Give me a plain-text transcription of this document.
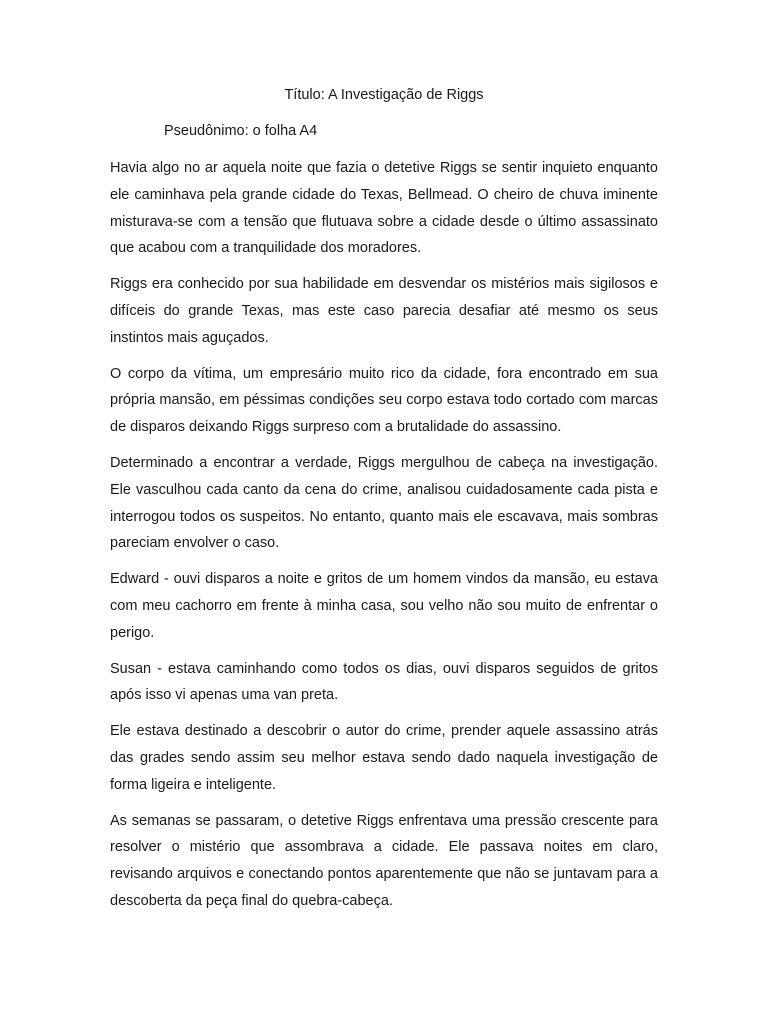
Título: A Investigação de Riggs
Pseudônimo: o folha A4

Havia algo no ar aquela noite que fazia o detetive Riggs se sentir inquieto enquanto ele caminhava pela grande cidade do Texas, Bellmead. O cheiro de chuva iminente misturava-se com a tensão que flutuava sobre a cidade desde o último assassinato que acabou com a tranquilidade dos moradores.

Riggs era conhecido por sua habilidade em desvendar os mistérios mais sigilosos e difíceis do grande Texas, mas este caso parecia desafiar até mesmo os seus instintos mais aguçados.

O corpo da vítima, um empresário muito rico da cidade, fora encontrado em sua própria mansão, em péssimas condições seu corpo estava todo cortado com marcas de disparos deixando Riggs surpreso com a brutalidade do assassino.

Determinado a encontrar a verdade, Riggs mergulhou de cabeça na investigação. Ele vasculhou cada canto da cena do crime, analisou cuidadosamente cada pista e interrogou todos os suspeitos. No entanto, quanto mais ele escavava, mais sombras pareciam envolver o caso.

Edward - ouvi disparos a noite e gritos de um homem vindos da mansão, eu estava com meu cachorro em frente à minha casa, sou velho não sou muito de enfrentar o perigo.

Susan - estava caminhando como todos os dias, ouvi disparos seguidos de gritos após isso vi apenas uma van preta.

Ele estava destinado a descobrir o autor do crime, prender aquele assassino atrás das grades sendo assim seu melhor estava sendo dado naquela investigação de forma ligeira e inteligente.

As semanas se passaram, o detetive Riggs enfrentava uma pressão crescente para resolver o mistério que assombrava a cidade. Ele passava noites em claro, revisando arquivos e conectando pontos aparentemente que não se juntavam para a descoberta da peça final do quebra-cabeça.
